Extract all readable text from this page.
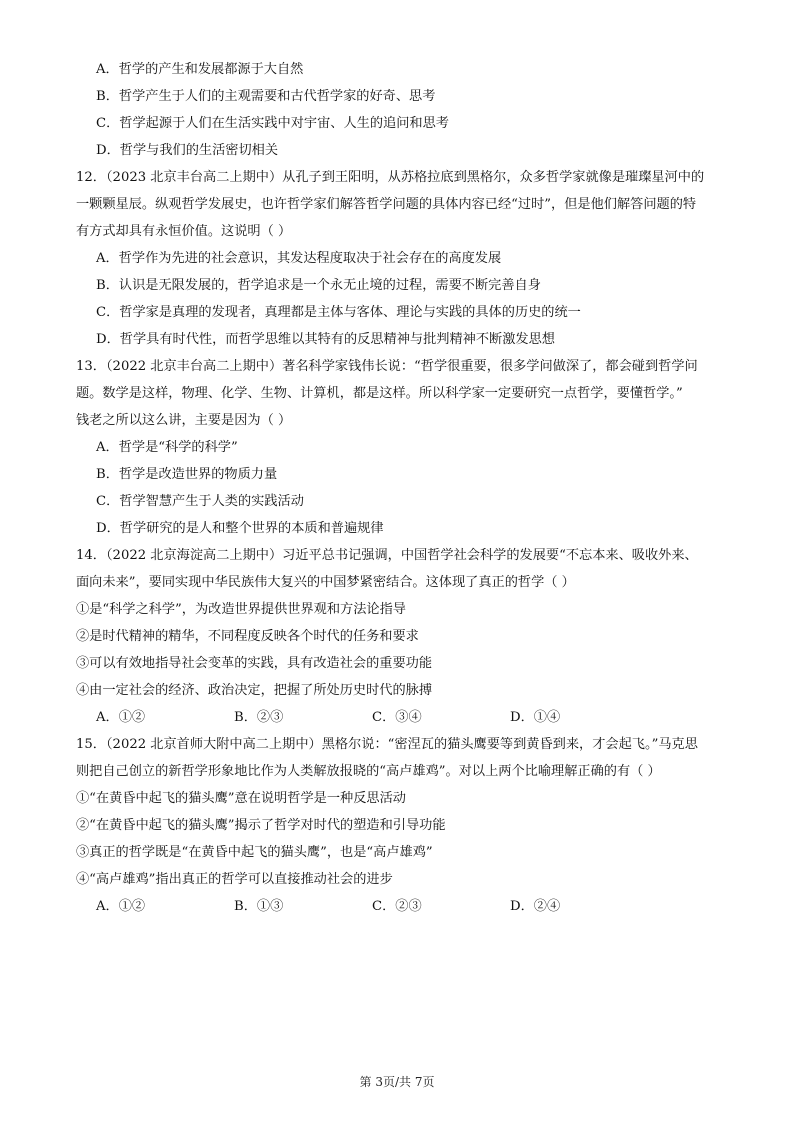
A．哲学的产生和发展都源于大自然
B．哲学产生于人们的主观需要和古代哲学家的好奇、思考
C．哲学起源于人们在生活实践中对宇宙、人生的追问和思考
D．哲学与我们的生活密切相关
12．（2023 北京丰台高二上期中）从孔子到王阳明，从苏格拉底到黑格尔，众多哲学家就像是璀璨星河中的
一颗颗星辰。纵观哲学发展史，也许哲学家们解答哲学问题的具体内容已经“过时”，但是他们解答问题的特
有方式却具有永恒价值。这说明（ ）
A．哲学作为先进的社会意识，其发达程度取决于社会存在的高度发展
B．认识是无限发展的，哲学追求是一个永无止境的过程，需要不断完善自身
C．哲学家是真理的发现者，真理都是主体与客体、理论与实践的具体的历史的统一
D．哲学具有时代性，而哲学思维以其特有的反思精神与批判精神不断激发思想
13．（2022 北京丰台高二上期中）著名科学家钱伟长说：“哲学很重要，很多学问做深了，都会碰到哲学问
题。数学是这样，物理、化学、生物、计算机，都是这样。所以科学家一定要研究一点哲学，要懂哲学。”
钱老之所以这么讲，主要是因为（ ）
A．哲学是“科学的科学”
B．哲学是改造世界的物质力量
C．哲学智慧产生于人类的实践活动
D．哲学研究的是人和整个世界的本质和普遍规律
14．（2022 北京海淀高二上期中）习近平总书记强调，中国哲学社会科学的发展要“不忘本来、吸收外来、
面向未来”，要同实现中华民族伟大复兴的中国梦紧密结合。这体现了真正的哲学（ ）
①是“科学之科学”，为改造世界提供世界观和方法论指导
②是时代精神的精华，不同程度反映各个时代的任务和要求
③可以有效地指导社会变革的实践，具有改造社会的重要功能
④由一定社会的经济、政治决定，把握了所处历史时代的脉搏
A．①②	B．②③	C．③④	D．①④
15．（2022 北京首师大附中高二上期中）黑格尔说：“密涅瓦的猫头鹰要等到黄昏到来，才会起飞。”马克思
则把自己创立的新哲学形象地比作为人类解放报晓的“高卢雄鸡”。对以上两个比喻理解正确的有（ ）
①“在黄昏中起飞的猫头鹰”意在说明哲学是一种反思活动
②“在黄昏中起飞的猫头鹰”揭示了哲学对时代的塑造和引导功能
③真正的哲学既是“在黄昏中起飞的猫头鹰”，也是“高卢雄鸡”
④“高卢雄鸡”指出真正的哲学可以直接推动社会的进步
A．①②	B．①③	C．②③	D．②④
第 3页/共 7页
